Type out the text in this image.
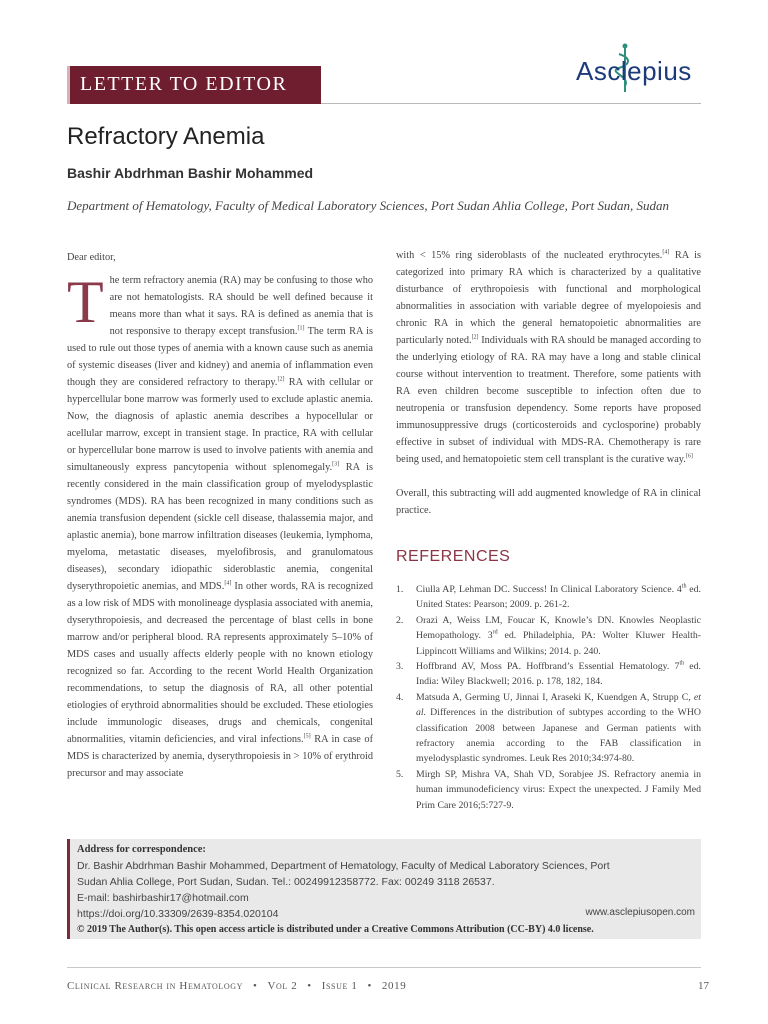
LETTER TO EDITOR	Asclepius
Refractory Anemia
Bashir Abdrhman Bashir Mohammed
Department of Hematology, Faculty of Medical Laboratory Sciences, Port Sudan Ahlia College, Port Sudan, Sudan

Dear editor,

The term refractory anemia (RA) may be confusing to those who are not hematologists. RA should be well defined because it means more than what it says. RA is defined as anemia that is not responsive to therapy except transfusion.[1] The term RA is used to rule out those types of anemia with a known cause such as anemia of systemic diseases (liver and kidney) and anemia of inflammation even though they are considered refractory to therapy.[2] RA with cellular or hypercellular bone marrow was formerly used to exclude aplastic anemia. Now, the diagnosis of aplastic anemia describes a hypocellular or acellular marrow, except in transient stage. In practice, RA with cellular or hypercellular bone marrow is used to involve patients with anemia and simultaneously express pancytopenia without splenomegaly.[3] RA is recently considered in the main classification group of myelodysplastic syndromes (MDS). RA has been recognized in many conditions such as anemia transfusion dependent (sickle cell disease, thalassemia major, and aplastic anemia), bone marrow infiltration diseases (leukemia, lymphoma, myeloma, metastatic diseases, myelofibrosis, and granulomatous diseases), secondary idiopathic sideroblastic anemia, congenital dyserythropoietic anemias, and MDS.[4] In other words, RA is recognized as a low risk of MDS with monolineage dysplasia associated with anemia, dyserythropoiesis, and decreased the percentage of blast cells in bone marrow and/or peripheral blood. RA represents approximately 5–10% of MDS cases and usually affects elderly people with no known etiology recognized so far. According to the recent World Health Organization recommendations, to setup the diagnosis of RA, all other potential etiologies of erythroid abnormalities should be excluded. These etiologies include immunologic diseases, drugs and chemicals, congenital abnormalities, vitamin deficiencies, and viral infections.[5] RA in case of MDS is characterized by anemia, dyserythropoiesis in > 10% of erythroid precursor and may associate

with < 15% ring sideroblasts of the nucleated erythrocytes.[4] RA is categorized into primary RA which is characterized by a qualitative disturbance of erythropoiesis with functional and morphological abnormalities in association with variable degree of myelopoiesis and chronic RA in which the general hematopoietic abnormalities are particularly noted.[2] Individuals with RA should be managed according to the underlying etiology of RA. RA may have a long and stable clinical course without intervention to treatment. Therefore, some patients with RA even children become susceptible to infection often due to neutropenia or transfusion dependency. Some reports have proposed immunosuppressive drugs (corticosteroids and cyclosporine) probably effective in subset of individual with MDS-RA. Chemotherapy is rare being used, and hematopoietic stem cell transplant is the curative way.[6]

Overall, this subtracting will add augmented knowledge of RA in clinical practice.

REFERENCES
1. Ciulla AP, Lehman DC. Success! In Clinical Laboratory Science. 4th ed. United States: Pearson; 2009. p. 261-2.
2. Orazi A, Weiss LM, Foucar K, Knowle’s DN. Knowles Neoplastic Hemopathology. 3rd ed. Philadelphia, PA: Wolter Kluwer Health-Lippincott Williams and Wilkins; 2014. p. 240.
3. Hoffbrand AV, Moss PA. Hoffbrand’s Essential Hematology. 7th ed. India: Wiley Blackwell; 2016. p. 178, 182, 184.
4. Matsuda A, Germing U, Jinnai I, Araseki K, Kuendgen A, Strupp C, et al. Differences in the distribution of subtypes according to the WHO classification 2008 between Japanese and German patients with refractory anemia according to the FAB classification in myelodysplastic syndromes. Leuk Res 2010;34:974-80.
5. Mirgh SP, Mishra VA, Shah VD, Sorabjee JS. Refractory anemia in human immunodeficiency virus: Expect the unexpected. J Family Med Prim Care 2016;5:727-9.
Address for correspondence:
Dr. Bashir Abdrhman Bashir Mohammed, Department of Hematology, Faculty of Medical Laboratory Sciences, Port
Sudan Ahlia College, Port Sudan, Sudan. Tel.: 00249912358772. Fax: 00249 3118 26537.
E-mail: bashirbashir17@hotmail.com
https://doi.org/10.33309/2639-8354.020104
© 2019 The Author(s). This open access article is distributed under a Creative Commons Attribution (CC-BY) 4.0 license.
www.asclepiusopen.com
Clinical Research in Hematology • Vol 2 • Issue 1 • 2019	17
